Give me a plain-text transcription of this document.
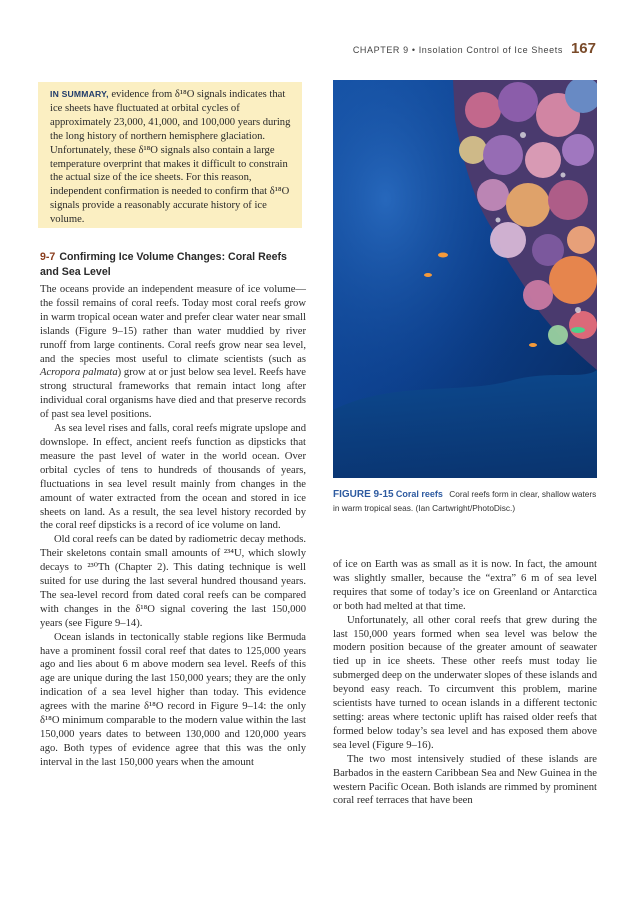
CHAPTER 9 • Insolation Control of Ice Sheets 167
IN SUMMARY, evidence from δ¹⁸O signals indicates that ice sheets have fluctuated at orbital cycles of approximately 23,000, 41,000, and 100,000 years during the long history of northern hemisphere glaciation. Unfortunately, these δ¹⁸O signals also contain a large temperature overprint that makes it difficult to constrain the actual size of the ice sheets. For this reason, independent confirmation is needed to confirm that δ¹⁸O signals provide a reasonably accurate history of ice volume.
9-7 Confirming Ice Volume Changes: Coral Reefs and Sea Level

The oceans provide an independent measure of ice volume—the fossil remains of coral reefs. Today most coral reefs grow in warm tropical ocean water and prefer clear water near small islands (Figure 9–15) rather than water muddied by river runoff from large continents. Coral reefs grow near sea level, and the species most useful to climate scientists (such as Acropora palmata) grow at or just below sea level. Reefs have strong structural frameworks that remain intact long after individual coral organisms have died and that preserve records of past sea level positions.

As sea level rises and falls, coral reefs migrate upslope and downslope. In effect, ancient reefs function as dipsticks that measure the past level of water in the world ocean. Over orbital cycles of tens to hundreds of thousands of years, fluctuations in sea level result mainly from changes in the amount of water extracted from the ocean and stored in ice sheets on land. As a result, the sea level history recorded by the coral reef dipsticks is a record of ice volume on land.

Old coral reefs can be dated by radiometric decay methods. Their skeletons contain small amounts of ²³⁴U, which slowly decays to ²³⁰Th (Chapter 2). This dating technique is well suited for use during the last several hundred thousand years. The sea-level record from dated coral reefs can be compared with changes in the δ¹⁸O signal covering the last 150,000 years (see Figure 9–14).

Ocean islands in tectonically stable regions like Bermuda have a prominent fossil coral reef that dates to 125,000 years ago and lies about 6 m above modern sea level. Reefs of this age are unique during the last 150,000 years; they are the only indication of a sea level higher than today. This evidence agrees with the marine δ¹⁸O record in Figure 9–14: the only δ¹⁸O minimum comparable to the modern value within the last 150,000 years dates to between 130,000 and 120,000 years ago. Both types of evidence agree that this was the only interval in the last 150,000 years when the amount

FIGURE 9-15 Coral reefs Coral reefs form in clear, shallow waters in warm tropical seas. (Ian Cartwright/PhotoDisc.)

of ice on Earth was as small as it is now. In fact, the amount was slightly smaller, because the “extra” 6 m of sea level requires that some of today’s ice on Greenland or Antarctica or both had melted at that time.

Unfortunately, all other coral reefs that grew during the last 150,000 years formed when sea level was below the modern position because of the greater amount of seawater tied up in ice sheets. These other reefs must today lie submerged deep on the underwater slopes of these islands and beyond easy reach. To circumvent this problem, marine scientists have turned to ocean islands in a different tectonic setting: areas where tectonic uplift has raised older reefs that formed below today’s sea level and has exposed them above sea level (Figure 9–16).

The two most intensively studied of these islands are Barbados in the eastern Caribbean Sea and New Guinea in the western Pacific Ocean. Both islands are rimmed by prominent coral reef terraces that have been
